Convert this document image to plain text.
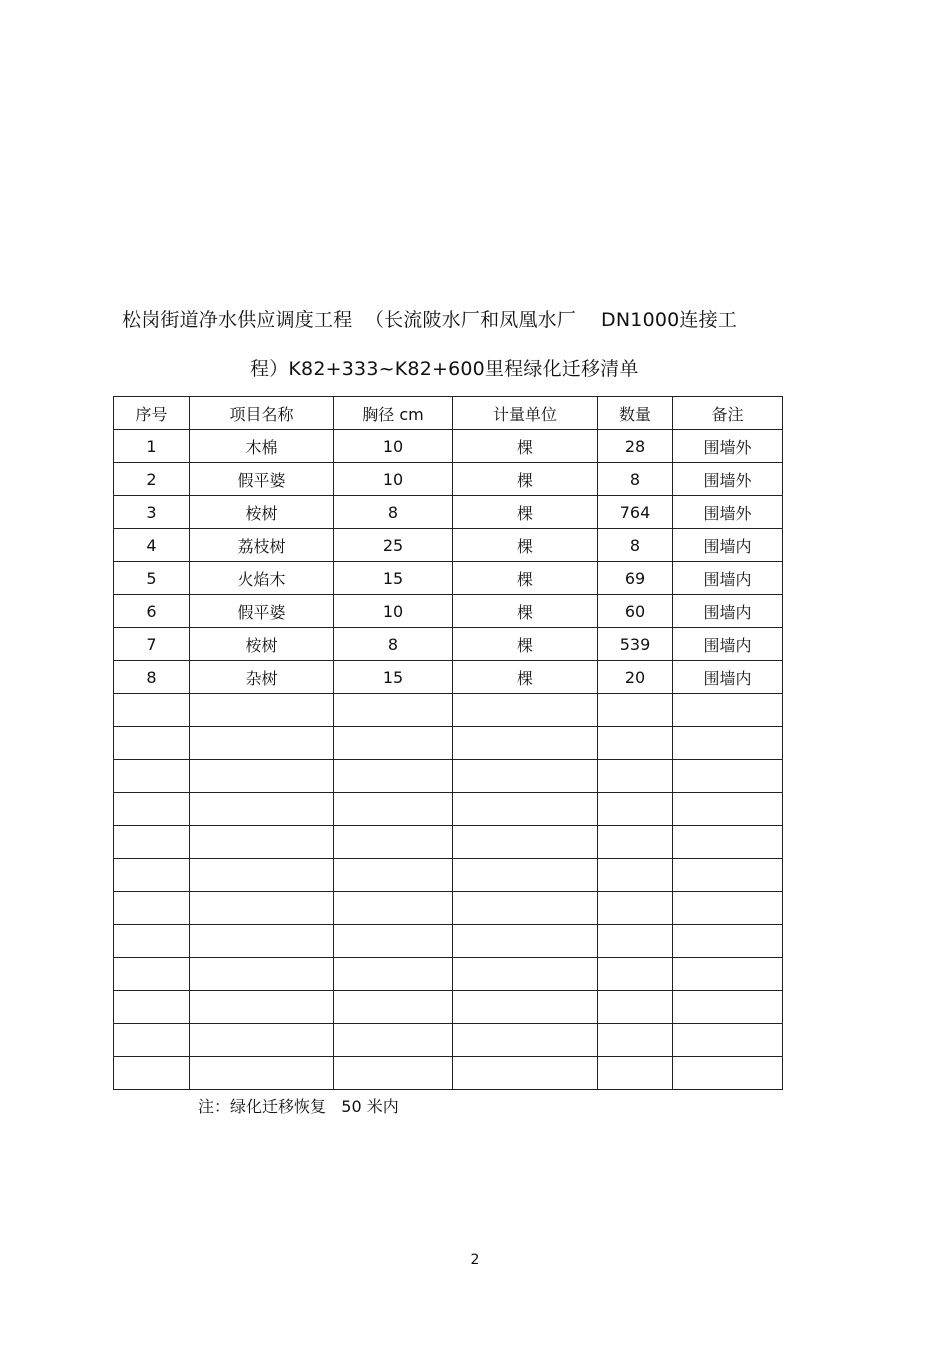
松岗街道净水供应调度工程  （长流陂水厂和凤凰水厂    DN1000连接工
程）K82+333~K82+600里程绿化迁移清单
序号	项目名称	胸径 cm	计量单位	数量	备注
1	木棉	10	棵	28	围墙外
2	假平婆	10	棵	8	围墙外
3	桉树	8	棵	764	围墙外
4	荔枝树	25	棵	8	围墙内
5	火焰木	15	棵	69	围墙内
6	假平婆	10	棵	60	围墙内
7	桉树	8	棵	539	围墙内
8	杂树	15	棵	20	围墙内

注：绿化迁移恢复   50 米内
2
